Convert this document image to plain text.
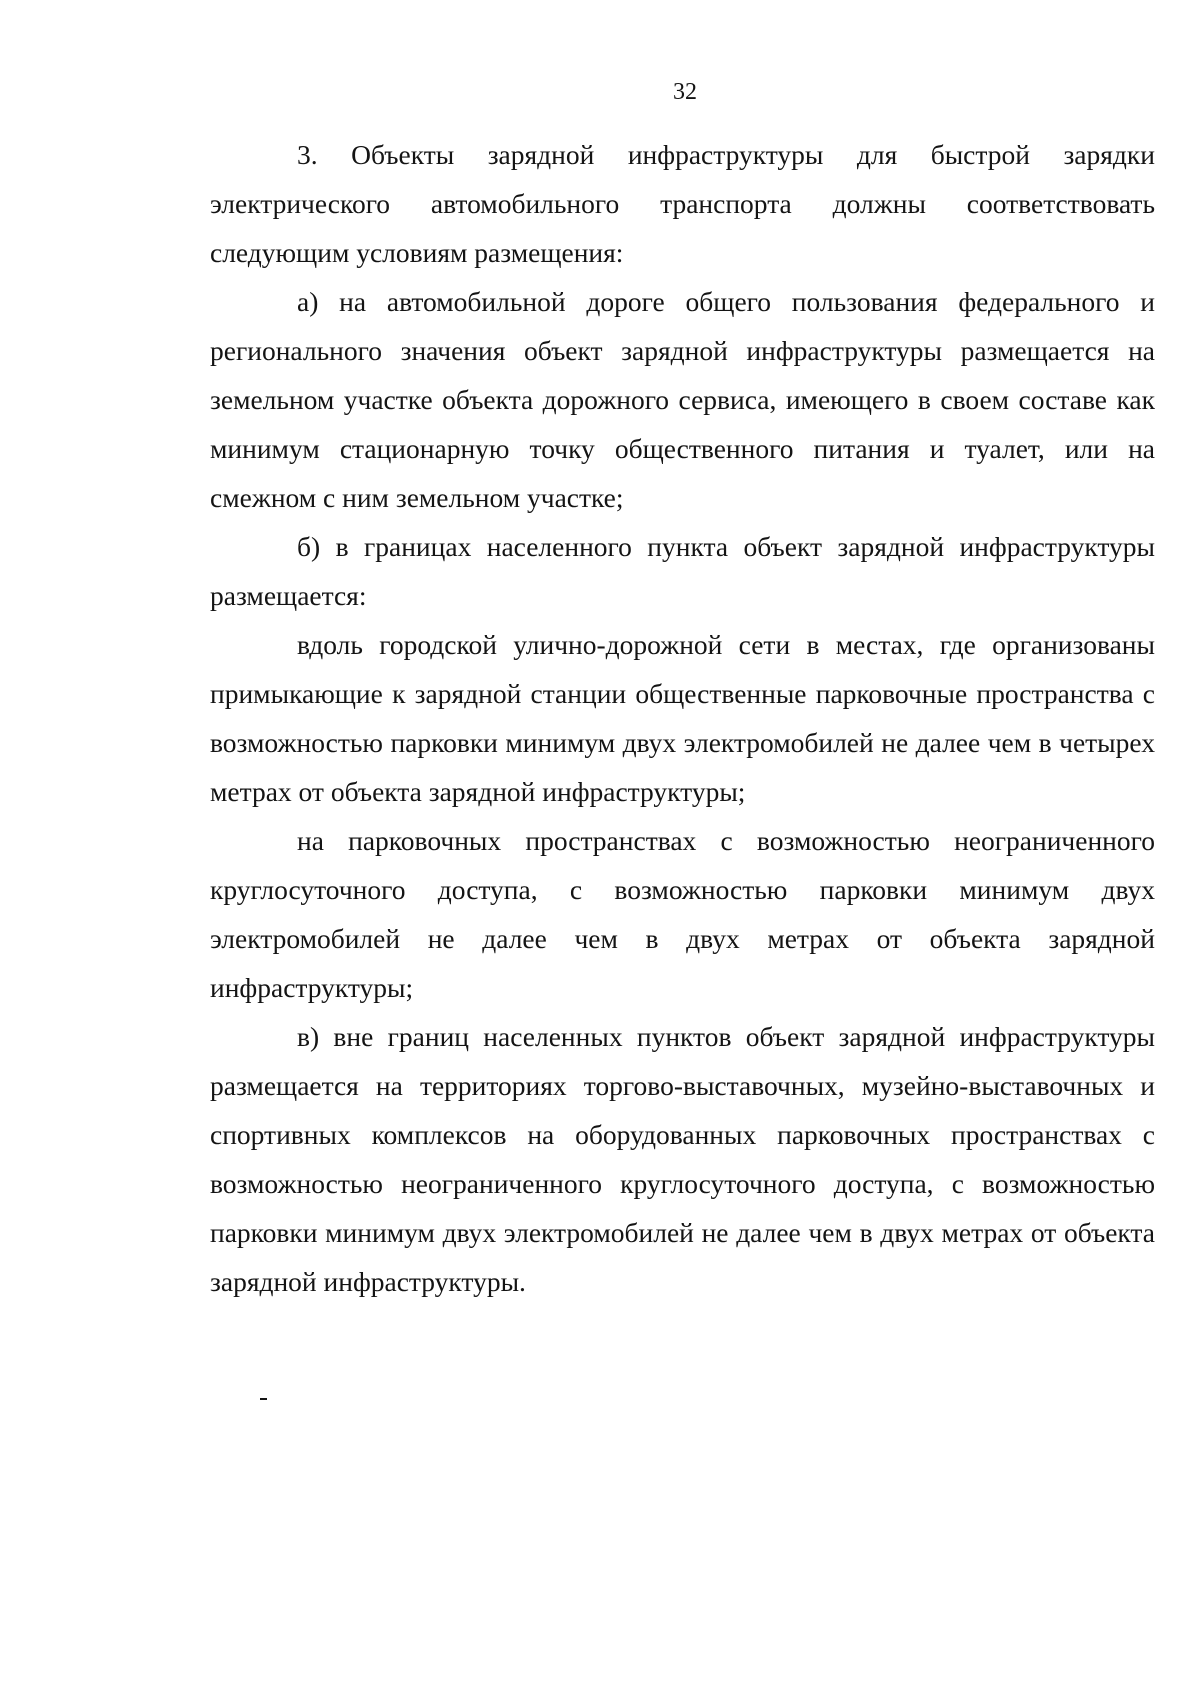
32

3. Объекты зарядной инфраструктуры для быстрой зарядки электрического автомобильного транспорта должны соответствовать следующим условиям размещения:

а) на автомобильной дороге общего пользования федерального и регионального значения объект зарядной инфраструктуры размещается на земельном участке объекта дорожного сервиса, имеющего в своем составе как минимум стационарную точку общественного питания и туалет, или на смежном с ним земельном участке;

б) в границах населенного пункта объект зарядной инфраструктуры размещается:

вдоль городской улично-дорожной сети в местах, где организованы примыкающие к зарядной станции общественные парковочные пространства с возможностью парковки минимум двух электромобилей не далее чем в четырех метрах от объекта зарядной инфраструктуры;

на парковочных пространствах с возможностью неограниченного круглосуточного доступа, с возможностью парковки минимум двух электромобилей не далее чем в двух метрах от объекта зарядной инфраструктуры;

в) вне границ населенных пунктов объект зарядной инфраструктуры размещается на территориях торгово-выставочных, музейно-выставочных и спортивных комплексов на оборудованных парковочных пространствах с возможностью неограниченного круглосуточного доступа, с возможностью парковки минимум двух электромобилей не далее чем в двух метрах от объекта зарядной инфраструктуры.
